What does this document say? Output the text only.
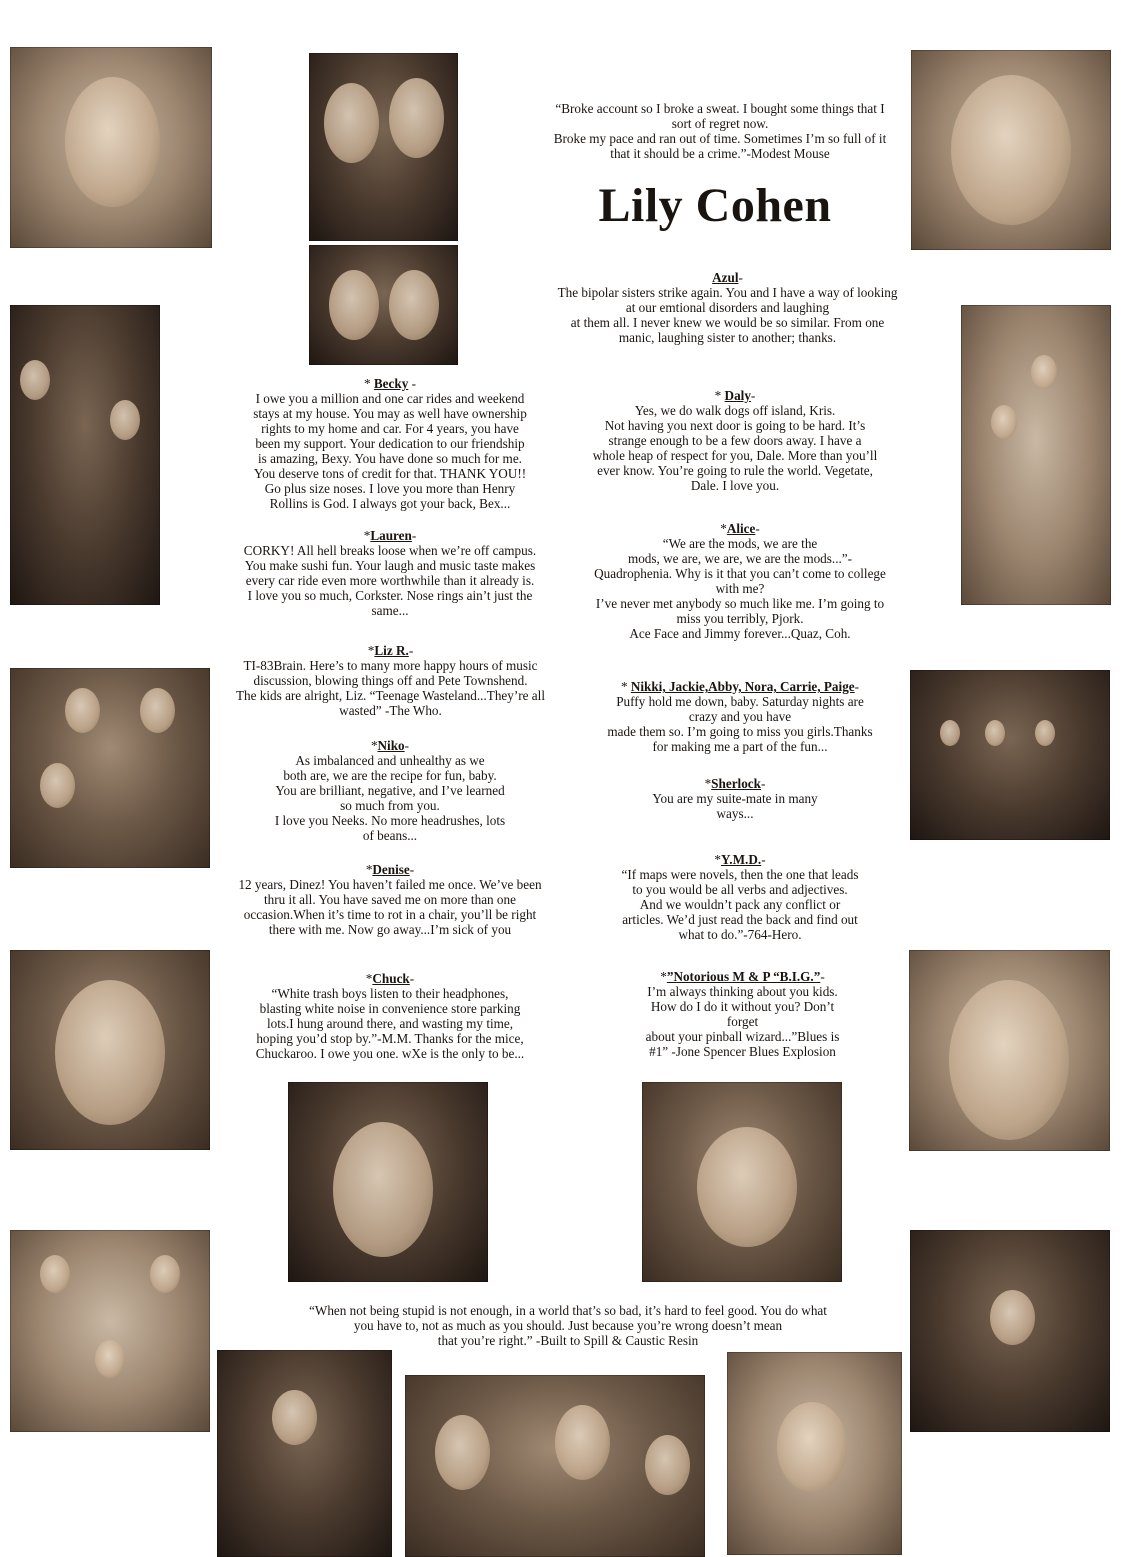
“Broke account so I broke a sweat. I bought some things that I
sort of regret now.
Broke my pace and ran out of time. Sometimes I’m so full of it
that it should be a crime.”-Modest Mouse

Lily Cohen

“When not being stupid is not enough, in a world that’s so bad, it’s hard to feel good. You do what
you have to, not as much as you should. Just because you’re wrong doesn’t mean
that you’re right.” -Built to Spill & Caustic Resin

* Becky -

I owe you a million and one car rides and weekend
stays at my house. You may as well have ownership
rights to my home and car. For 4 years, you have
been my support. Your dedication to our friendship
is amazing, Bexy. You have done so much for me.
You deserve tons of credit for that. THANK YOU!!
Go plus size noses. I love you more than Henry
Rollins is God. I always got your back, Bex...

*Lauren-

CORKY! All hell breaks loose when we’re off campus.
You make sushi fun. Your laugh and music taste makes
every car ride even more worthwhile than it already is.
I love you so much, Corkster. Nose rings ain’t just the
same...

*Liz R.-

TI-83Brain. Here’s to many more happy hours of music
discussion, blowing things off and Pete Townshend.
The kids are alright, Liz. “Teenage Wasteland...They’re all
wasted” -The Who.

*Niko-

As imbalanced and unhealthy as we
both are, we are the recipe for fun, baby.
You are brilliant, negative, and I’ve learned
so much from you.
I love you Neeks. No more headrushes, lots
of beans...

*Denise-

12 years, Dinez! You haven’t failed me once. We’ve been
thru it all. You have saved me on more than one
occasion.When it’s time to rot in a chair, you’ll be right
there with me. Now go away...I’m sick of you

*Chuck-

“White trash boys listen to their headphones,
blasting white noise in convenience store parking
lots.I hung around there, and wasting my time,
hoping you’d stop by.”-M.M. Thanks for the mice,
Chuckaroo. I owe you one. wXe is the only to be...

Azul-

The bipolar sisters strike again. You and I have a way of looking
at our emtional disorders and laughing
at them all. I never knew we would be so similar. From one
manic, laughing sister to another; thanks.

* Daly-

Yes, we do walk dogs off island, Kris.
Not having you next door is going to be hard. It’s
strange enough to be a few doors away. I have a
whole heap of respect for you, Dale. More than you’ll
ever know. You’re going to rule the world. Vegetate,
Dale. I love you.

*Alice-

“We are the mods, we are the
mods, we are, we are, we are the mods...”-
Quadrophenia. Why is it that you can’t come to college
with me?
I’ve never met anybody so much like me. I’m going to
miss you terribly, Pjork.
Ace Face and Jimmy forever...Quaz, Coh.

* Nikki, Jackie,Abby, Nora, Carrie, Paige-

Puffy hold me down, baby. Saturday nights are
crazy and you have
made them so. I’m going to miss you girls.Thanks
for making me a part of the fun...

*Sherlock-

You are my suite-mate in many
ways...

*Y.M.D.-

“If maps were novels, then the one that leads
to you would be all verbs and adjectives.
And we wouldn’t pack any conflict or
articles. We’d just read the back and find out
what to do.”-764-Hero.

*”Notorious M & P “B.I.G.”-

I’m always thinking about you kids.
How do I do it without you? Don’t
forget
about your pinball wizard...”Blues is
#1” -Jone Spencer Blues Explosion
